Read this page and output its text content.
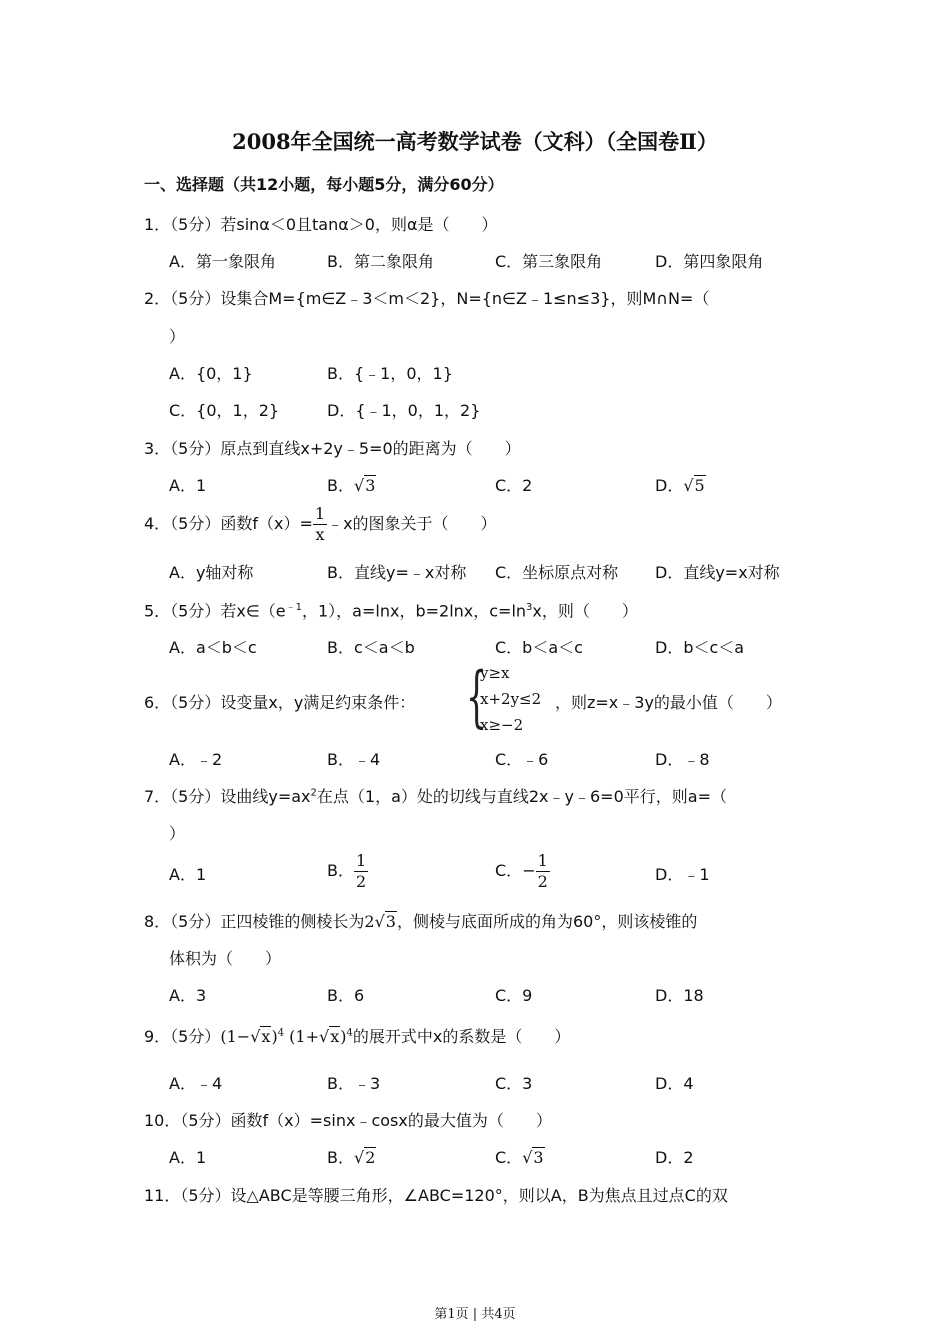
2008年全国统一高考数学试卷（文科）（全国卷Ⅱ）
一、选择题（共12小题，每小题5分，满分60分）
1．（5分）若sinα＜0且tanα＞0，则α是（　　）
A．第一象限角	B．第二象限角	C．第三象限角	D．第四象限角
2．（5分）设集合M={m∈Z﹣3＜m＜2}，N={n∈Z﹣1≤n≤3}，则M∩N=（
）
A．{0，1}	B．{﹣1，0，1}
C．{0，1，2}	D．{﹣1，0，1，2}
3．（5分）原点到直线x+2y﹣5=0的距离为（　　）
A．1	B．√3	C．2	D．√5
4．（5分）函数$f(x)= \frac{1}{x}$ ﹣x的图象关于（　　）
A．y轴对称	B．直线y=﹣x对称 C．坐标原点对称 D．直线y=x对称
5．（5分）若$x\in(e^{﹣1}$，1），a=lnx，b=2lnx，$c=\ln^3x$，则（　　）
A．a＜b＜c	B．c＜a＜b	C．b＜a＜c	D．b＜c＜a
6．（5分）设变量x，y满足约束条件： {
y≥x
x+2y≤2
x≥−2
，则z=x﹣3y的最小值（　　）
A．﹣2	B．﹣4	C．﹣6	D．﹣8
7．（5分）设曲线$y=ax^2$在点（1，a）处的切线与直线2x﹣y﹣6=0平行，则a=（
）
A．1	B． $\frac{1}{2}$	C．− $\frac{1}{2}$	D．﹣1
8．（5分）正四棱锥的侧棱长为2√3，侧棱与底面所成的角为60°，则该棱锥的
体积为（　　）
A．3	B．6	C．9	D．18
9．（5分）$(1-√x)^4$ $(1+√x)^4$的展开式中x的系数是（　　）
A．﹣4	B．﹣3	C．3	D．4
10．（5分）函数f（x）=sinx﹣cosx的最大值为（　　）
A．1	B．√2	C．√3	D．2
11．（5分）设△ABC是等腰三角形，∠ABC=120°，则以A，B为焦点且过点C的双
第1页 | 共4页
